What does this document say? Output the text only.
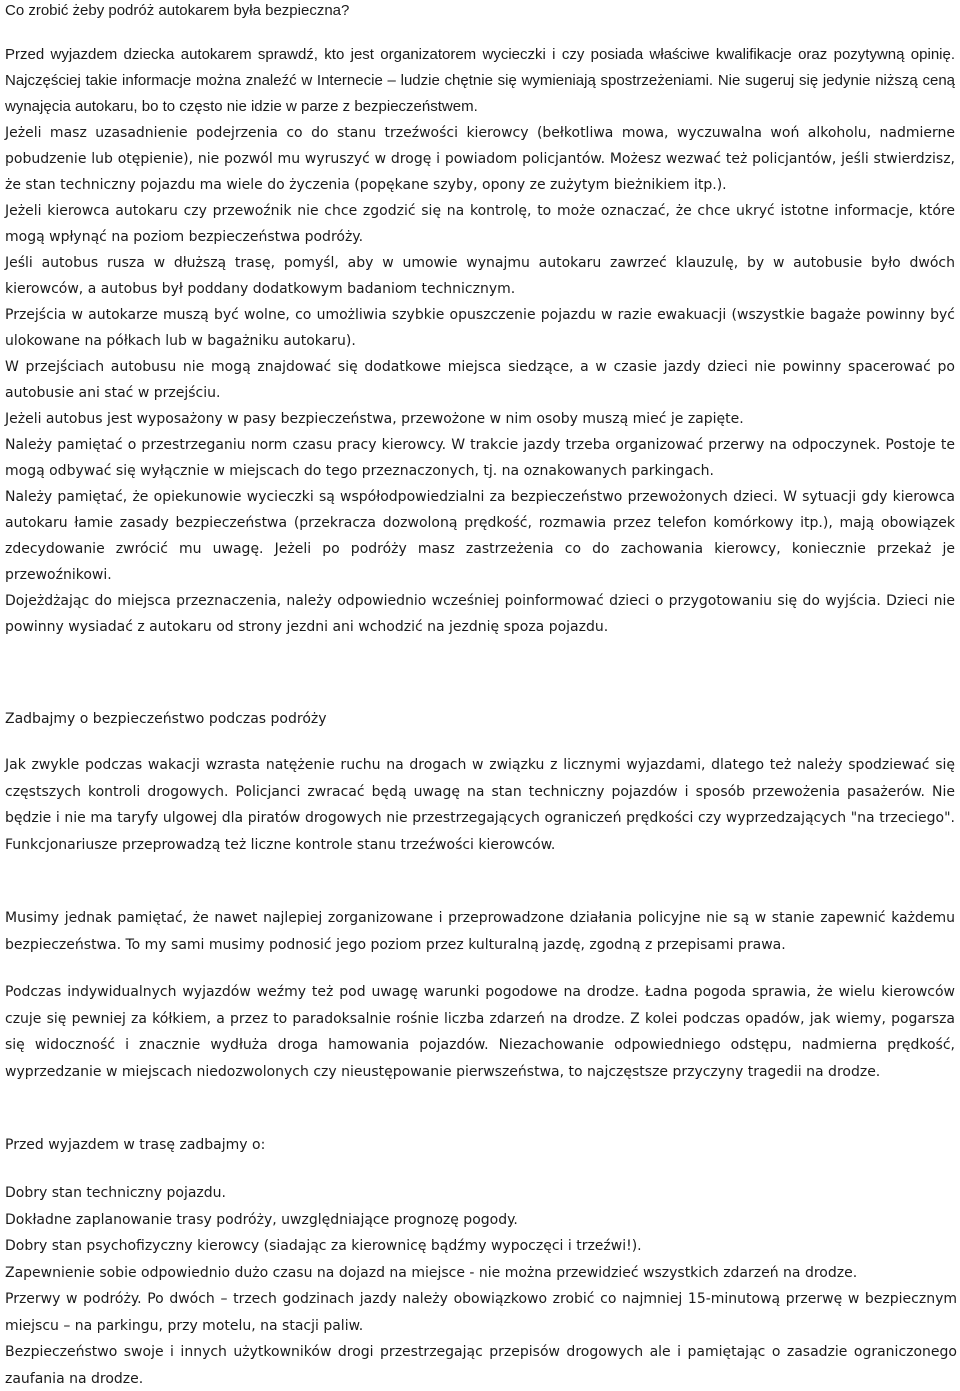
Co zrobić żeby podróż autokarem była bezpieczna?

Przed wyjazdem dziecka autokarem sprawdź, kto jest organizatorem wycieczki i czy posiada właściwe kwalifikacje oraz pozytywną opinię. Najczęściej takie informacje można znaleźć w Internecie – ludzie chętnie się wymieniają spostrzeżeniami. Nie sugeruj się jedynie niższą ceną wynajęcia autokaru, bo to często nie idzie w parze z bezpieczeństwem.

Jeżeli masz uzasadnienie podejrzenia co do stanu trzeźwości kierowcy (bełkotliwa mowa, wyczuwalna woń alkoholu, nadmierne pobudzenie lub otępienie), nie pozwól mu wyruszyć w drogę i powiadom policjantów. Możesz wezwać też policjantów, jeśli stwierdzisz, że stan techniczny pojazdu ma wiele do życzenia (popękane szyby, opony ze zużytym bieżnikiem itp.).

Jeżeli kierowca autokaru czy przewoźnik nie chce zgodzić się na kontrolę, to może oznaczać, że chce ukryć istotne informacje, które mogą wpłynąć na poziom bezpieczeństwa podróży.

Jeśli autobus rusza w dłuższą trasę, pomyśl, aby w umowie wynajmu autokaru zawrzeć klauzulę, by w autobusie było dwóch kierowców, a autobus był poddany dodatkowym badaniom technicznym.

Przejścia w autokarze muszą być wolne, co umożliwia szybkie opuszczenie pojazdu w razie ewakuacji (wszystkie bagaże powinny być ulokowane na półkach lub w bagażniku autokaru).

W przejściach autobusu nie mogą znajdować się dodatkowe miejsca siedzące, a w czasie jazdy dzieci nie powinny spacerować po autobusie ani stać w przejściu.

Jeżeli autobus jest wyposażony w pasy bezpieczeństwa, przewożone w nim osoby muszą mieć je zapięte.

Należy pamiętać o przestrzeganiu norm czasu pracy kierowcy. W trakcie jazdy trzeba organizować przerwy na odpoczynek. Postoje te mogą odbywać się wyłącznie w miejscach do tego przeznaczonych, tj. na oznakowanych parkingach.

Należy pamiętać, że opiekunowie wycieczki są współodpowiedzialni za bezpieczeństwo przewożonych dzieci. W sytuacji gdy kierowca autokaru łamie zasady bezpieczeństwa (przekracza dozwoloną prędkość, rozmawia przez telefon komórkowy itp.), mają obowiązek zdecydowanie zwrócić mu uwagę. Jeżeli po podróży masz zastrzeżenia co do zachowania kierowcy, koniecznie przekaż je przewoźnikowi.

Dojeżdżając do miejsca przeznaczenia, należy odpowiednio wcześniej poinformować dzieci o przygotowaniu się do wyjścia. Dzieci nie powinny wysiadać z autokaru od strony jezdni ani wchodzić na jezdnię spoza pojazdu.

Zadbajmy o bezpieczeństwo podczas podróży

Jak zwykle podczas wakacji wzrasta natężenie ruchu na drogach w związku z licznymi wyjazdami, dlatego też należy spodziewać się częstszych kontroli drogowych. Policjanci zwracać będą uwagę na stan techniczny pojazdów i sposób przewożenia pasażerów. Nie będzie i nie ma taryfy ulgowej dla piratów drogowych nie przestrzegających ograniczeń prędkości czy wyprzedzających "na trzeciego". Funkcjonariusze przeprowadzą też liczne kontrole stanu trzeźwości kierowców.

Musimy jednak pamiętać, że nawet najlepiej zorganizowane i przeprowadzone działania policyjne nie są w stanie zapewnić każdemu bezpieczeństwa. To my sami musimy podnosić jego poziom przez kulturalną jazdę, zgodną z przepisami prawa.

Podczas indywidualnych wyjazdów weźmy też pod uwagę warunki pogodowe na drodze. Ładna pogoda sprawia, że wielu kierowców czuje się pewniej za kółkiem, a przez to paradoksalnie rośnie liczba zdarzeń na drodze. Z kolei podczas opadów, jak wiemy, pogarsza się widoczność i znacznie wydłuża droga hamowania pojazdów. Niezachowanie odpowiedniego odstępu, nadmierna prędkość, wyprzedzanie w miejscach niedozwolonych czy nieustępowanie pierwszeństwa, to najczęstsze przyczyny tragedii na drodze.

Przed wyjazdem w trasę zadbajmy o:

Dobry stan techniczny pojazdu.

Dokładne zaplanowanie trasy podróży, uwzględniające prognozę pogody.

Dobry stan psychofizyczny kierowcy (siadając za kierownicę bądźmy wypoczęci i trzeźwi!).

Zapewnienie sobie odpowiednio dużo czasu na dojazd na miejsce - nie można przewidzieć wszystkich zdarzeń na drodze.

Przerwy w podróży. Po dwóch – trzech godzinach jazdy należy obowiązkowo zrobić co najmniej 15-minutową przerwę w bezpiecznym miejscu – na parkingu, przy motelu, na stacji paliw.

Bezpieczeństwo swoje i innych użytkowników drogi przestrzegając przepisów drogowych ale i pamiętając o zasadzie ograniczonego zaufania na drodze.
